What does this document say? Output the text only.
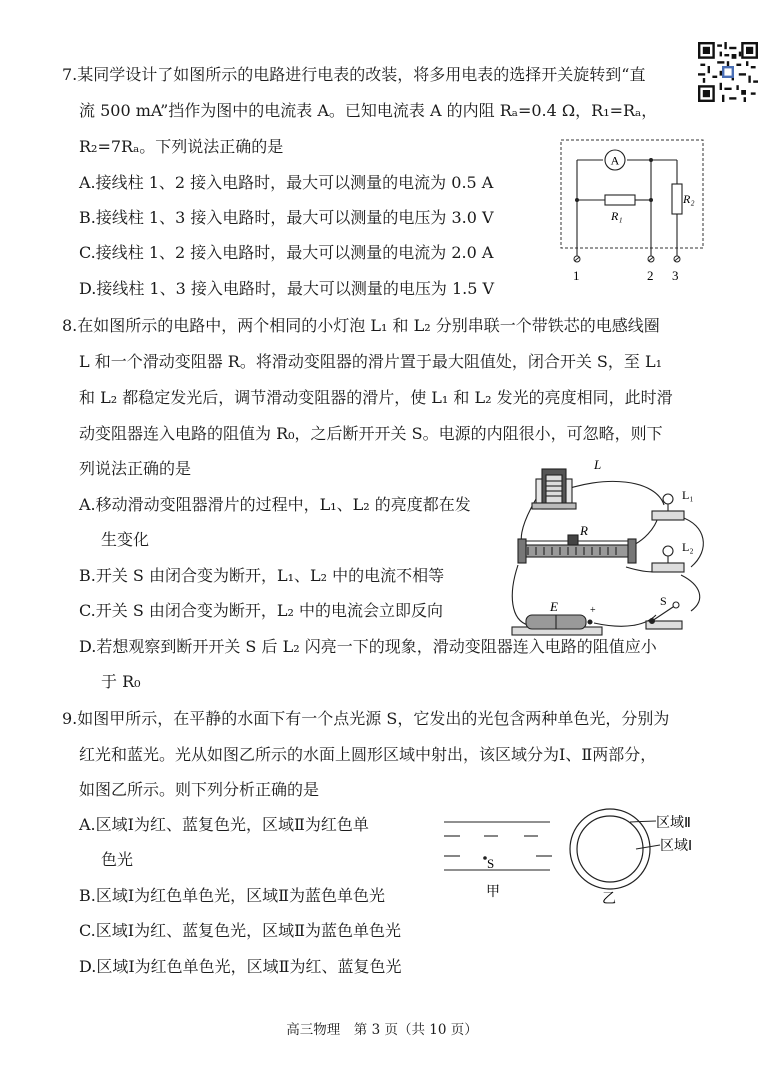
7.某同学设计了如图所示的电路进行电表的改装，将多用电表的选择开关旋转到“直
流 500 mA”挡作为图中的电流表 A。已知电流表 A 的内阻 Rₐ=0.4 Ω，R₁=Rₐ，
R₂=7Rₐ。下列说法正确的是
A.接线柱 1、2 接入电路时，最大可以测量的电流为 0.5 A
B.接线柱 1、3 接入电路时，最大可以测量的电压为 3.0 V
C.接线柱 1、2 接入电路时，最大可以测量的电流为 2.0 A
D.接线柱 1、3 接入电路时，最大可以测量的电压为 1.5 V
A
R₁
R₂
1	2 3
8.在如图所示的电路中，两个相同的小灯泡 L₁ 和 L₂ 分别串联一个带铁芯的电感线圈
L 和一个滑动变阻器 R。将滑动变阻器的滑片置于最大阻值处，闭合开关 S，至 L₁
和 L₂ 都稳定发光后，调节滑动变阻器的滑片，使 L₁ 和 L₂ 发光的亮度相同，此时滑
动变阻器连入电路的阻值为 R₀，之后断开开关 S。电源的内阻很小，可忽略，则下
列说法正确的是
A.移动滑动变阻器滑片的过程中，L₁、L₂ 的亮度都在发
生变化
B.开关 S 由闭合变为断开，L₁、L₂ 中的电流不相等
C.开关 S 由闭合变为断开，L₂ 中的电流会立即反向
D.若想观察到断开开关 S 后 L₂ 闪亮一下的现象，滑动变阻器连入电路的阻值应小
于 R₀
L
R
L₁
L₂
E	+
S
9.如图甲所示，在平静的水面下有一个点光源 S，它发出的光包含两种单色光，分别为
红光和蓝光。光从如图乙所示的水面上圆形区域中射出，该区域分为Ⅰ、Ⅱ两部分，
如图乙所示。则下列分析正确的是
A.区域Ⅰ为红、蓝复色光，区域Ⅱ为红色单
色光
B.区域Ⅰ为红色单色光，区域Ⅱ为蓝色单色光
C.区域Ⅰ为红、蓝复色光，区域Ⅱ为蓝色单色光
D.区域Ⅰ为红色单色光，区域Ⅱ为红、蓝复色光
S
甲
区域Ⅱ
区域Ⅰ
乙
高三物理　第 3 页（共 10 页）
